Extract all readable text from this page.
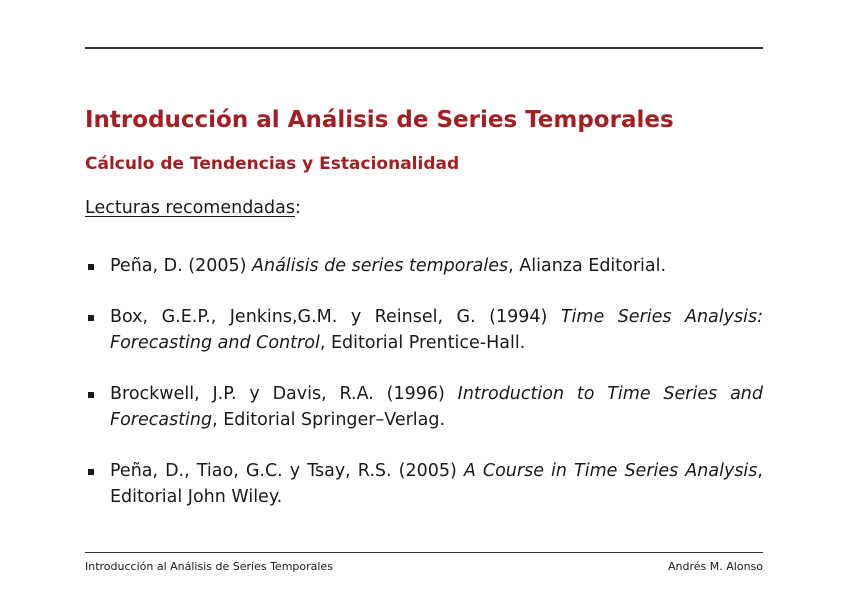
Introducción al Análisis de Series Temporales
Cálculo de Tendencias y Estacionalidad
Lecturas recomendadas:
Peña, D. (2005) Análisis de series temporales, Alianza Editorial.
Box, G.E.P., Jenkins,G.M. y Reinsel, G. (1994) Time Series Analysis: Forecasting and Control, Editorial Prentice-Hall.
Brockwell, J.P. y Davis, R.A. (1996) Introduction to Time Series and Forecasting, Editorial Springer–Verlag.
Peña, D., Tiao, G.C. y Tsay, R.S. (2005) A Course in Time Series Analysis, Editorial John Wiley.
Introducción al Análisis de Series Temporales	Andrés M. Alonso
